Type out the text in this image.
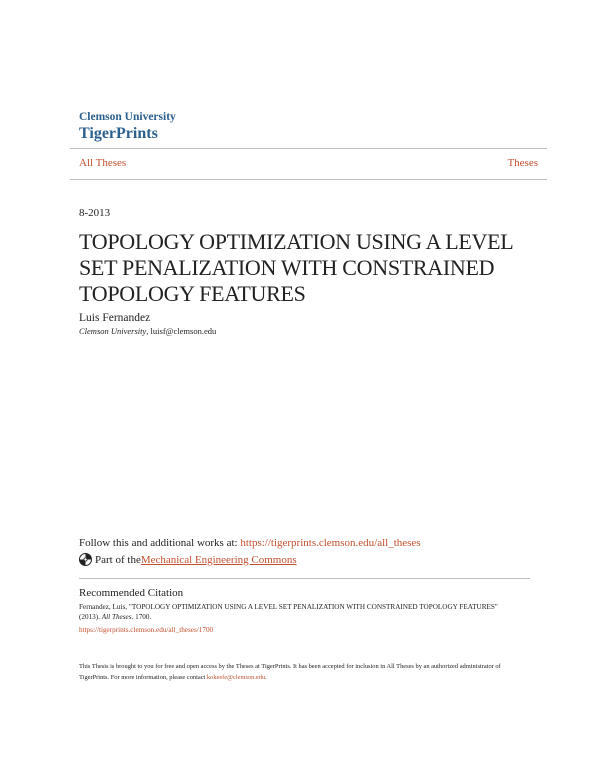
Clemson University
TigerPrints
All Theses	Theses
8-2013
TOPOLOGY OPTIMIZATION USING A LEVEL SET PENALIZATION WITH CONSTRAINED TOPOLOGY FEATURES
Luis Fernandez
Clemson University, luisf@clemson.edu
Follow this and additional works at: https://tigerprints.clemson.edu/all_theses
Part of the Mechanical Engineering Commons
Recommended Citation
Fernandez, Luis, "TOPOLOGY OPTIMIZATION USING A LEVEL SET PENALIZATION WITH CONSTRAINED TOPOLOGY FEATURES" (2013). All Theses. 1700.
https://tigerprints.clemson.edu/all_theses/1700
This Thesis is brought to you for free and open access by the Theses at TigerPrints. It has been accepted for inclusion in All Theses by an authorized administrator of TigerPrints. For more information, please contact kokeefe@clemson.edu.
